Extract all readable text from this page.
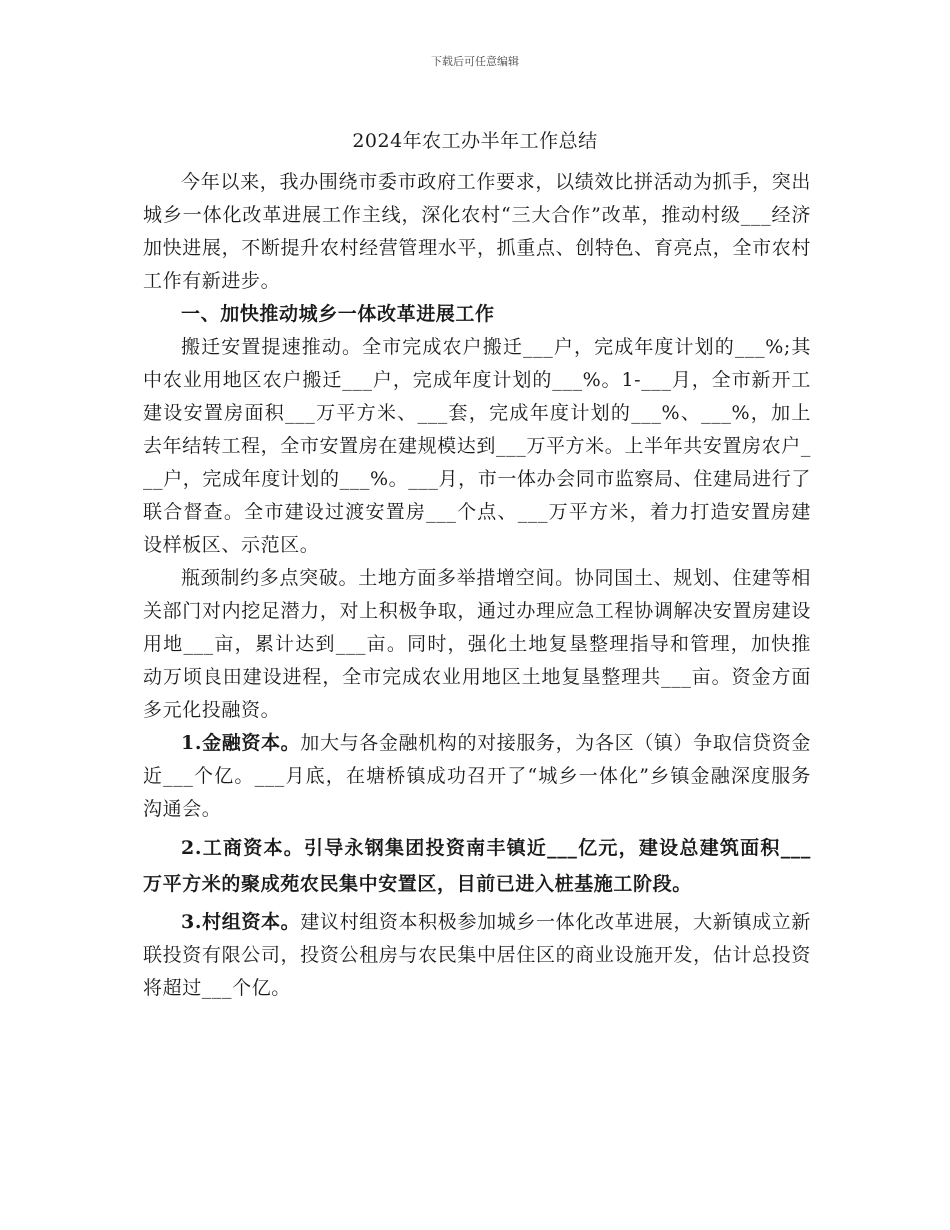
下载后可任意编辑
2024年农工办半年工作总结

今年以来，我办围绕市委市政府工作要求，以绩效比拼活动为抓手，突出城乡一体化改革进展工作主线，深化农村“三大合作”改革，推动村级___经济加快进展，不断提升农村经营管理水平，抓重点、创特色、育亮点，全市农村工作有新进步。

一、加快推动城乡一体改革进展工作

搬迁安置提速推动。全市完成农户搬迁___户，完成年度计划的___%;其中农业用地区农户搬迁___户，完成年度计划的___%。1-___月，全市新开工建设安置房面积___万平方米、___套，完成年度计划的___%、___%，加上去年结转工程，全市安置房在建规模达到___万平方米。上半年共安置房农户___户，完成年度计划的___%。___月，市一体办会同市监察局、住建局进行了联合督查。全市建设过渡安置房___个点、___万平方米，着力打造安置房建设样板区、示范区。

瓶颈制约多点突破。土地方面多举措增空间。协同国土、规划、住建等相关部门对内挖足潜力，对上积极争取，通过办理应急工程协调解决安置房建设用地___亩，累计达到___亩。同时，强化土地复垦整理指导和管理，加快推动万顷良田建设进程，全市完成农业用地区土地复垦整理共___亩。资金方面多元化投融资。

1.金融资本。加大与各金融机构的对接服务，为各区（镇）争取信贷资金近___个亿。___月底，在塘桥镇成功召开了“城乡一体化”乡镇金融深度服务沟通会。

2.工商资本。引导永钢集团投资南丰镇近___亿元，建设总建筑面积___万平方米的聚成苑农民集中安置区，目前已进入桩基施工阶段。

3.村组资本。建议村组资本积极参加城乡一体化改革进展，大新镇成立新联投资有限公司，投资公租房与农民集中居住区的商业设施开发，估计总投资将超过___个亿。
